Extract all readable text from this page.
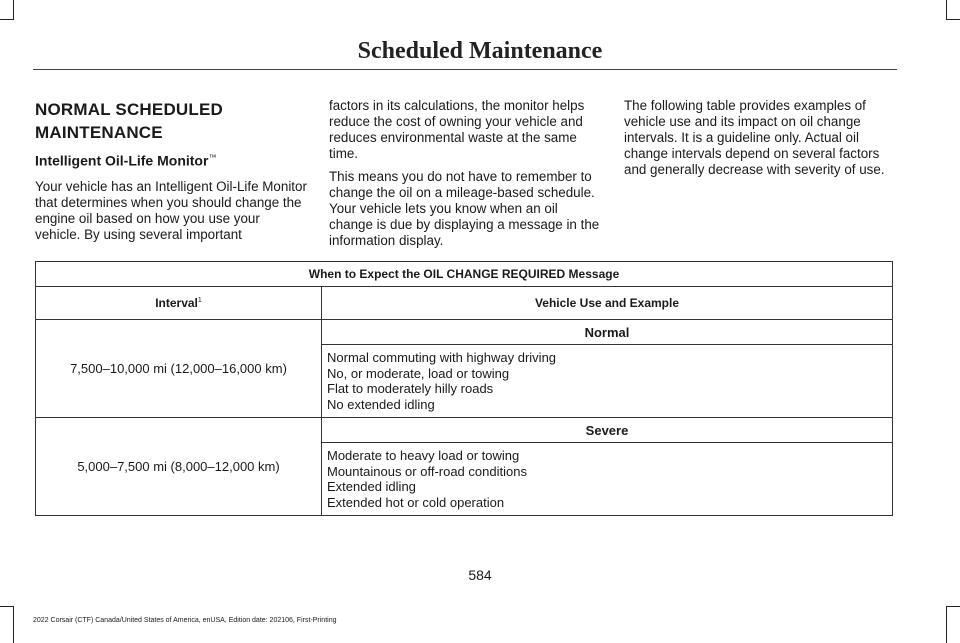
Scheduled Maintenance
NORMAL SCHEDULED
MAINTENANCE
Intelligent Oil-Life Monitor™

Your vehicle has an Intelligent Oil-Life Monitor that determines when you should change the engine oil based on how you use your vehicle. By using several important

factors in its calculations, the monitor helps reduce the cost of owning your vehicle and reduces environmental waste at the same time.

This means you do not have to remember to change the oil on a mileage-based schedule. Your vehicle lets you know when an oil change is due by displaying a message in the information display.

The following table provides examples of vehicle use and its impact on oil change intervals. It is a guideline only. Actual oil change intervals depend on several factors and generally decrease with severity of use.

When to Expect the OIL CHANGE REQUIRED Message	
Interval$^1$	Vehicle Use and Example
7,500–10,000 mi (12,000–16,000 km)	Normal

	Normal commuting with highway driving
No, or moderate, load or towing
Flat to moderately hilly roads
No extended idling

5,000–7,500 mi (8,000–12,000 km)	Severe

	Moderate to heavy load or towing
Mountainous or off-road conditions
Extended idling
Extended hot or cold operation
584
2022 Corsair (CTF) Canada/United States of America, enUSA, Edition date: 202106, First-Printing
